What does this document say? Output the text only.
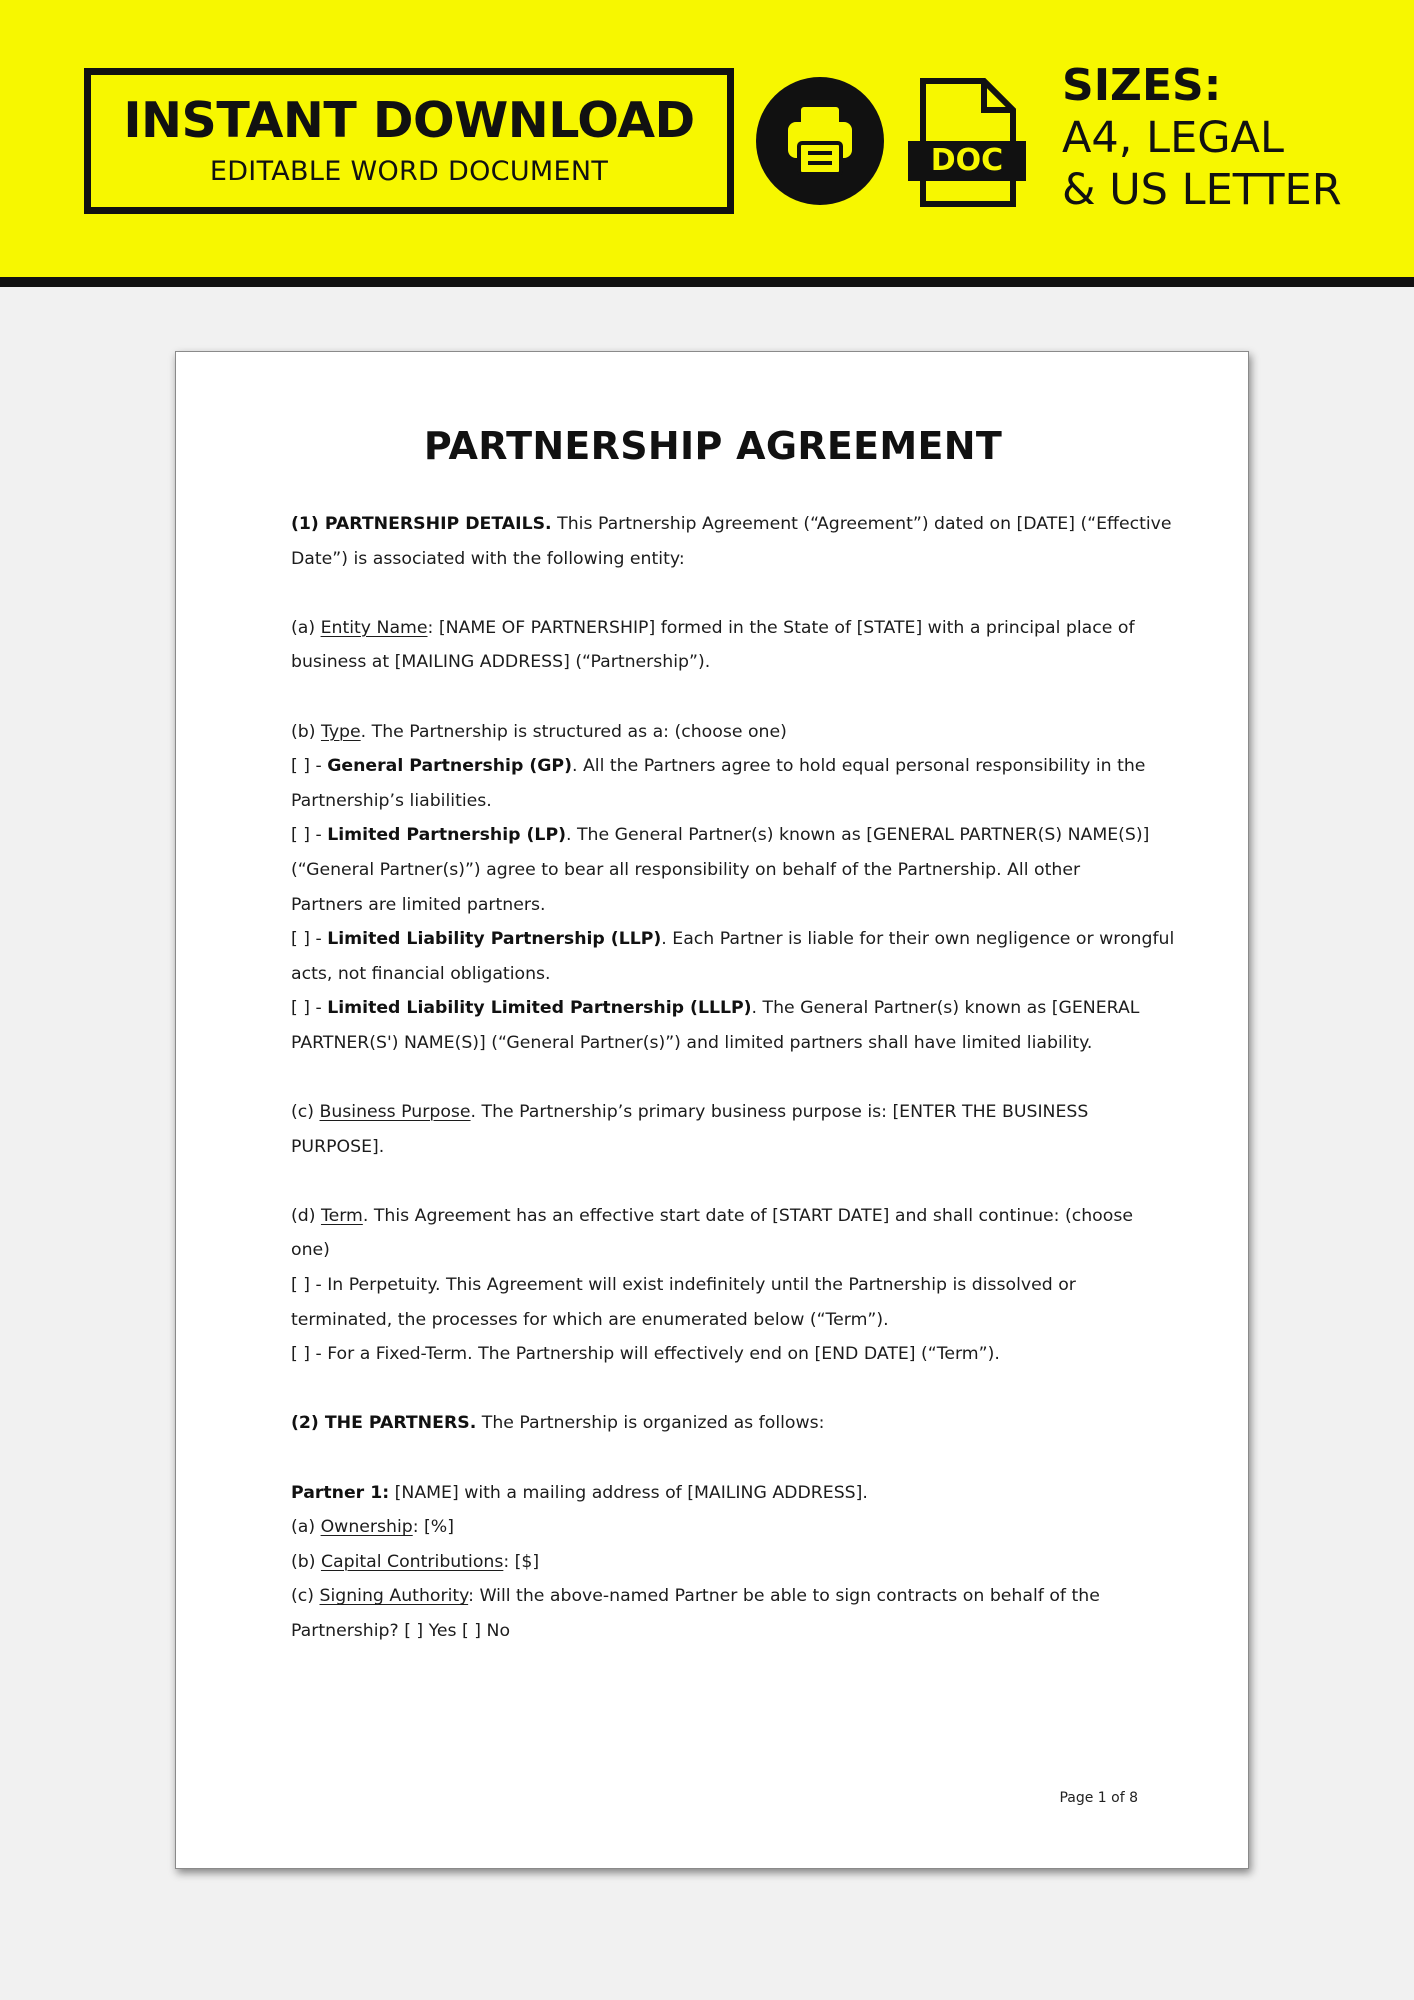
INSTANT DOWNLOAD
EDITABLE WORD DOCUMENT	DOC
SIZES:
A4, LEGAL
& US LETTER
PARTNERSHIP AGREEMENT

(1) PARTNERSHIP DETAILS. This Partnership Agreement (“Agreement”) dated on [DATE] (“Effective

Date”) is associated with the following entity:

(a) Entity Name: [NAME OF PARTNERSHIP] formed in the State of [STATE] with a principal place of

business at [MAILING ADDRESS] (“Partnership”).

(b) Type. The Partnership is structured as a: (choose one)

[ ] - General Partnership (GP). All the Partners agree to hold equal personal responsibility in the

Partnership’s liabilities.

[ ] - Limited Partnership (LP). The General Partner(s) known as [GENERAL PARTNER(S) NAME(S)]

(“General Partner(s)”) agree to bear all responsibility on behalf of the Partnership. All other

Partners are limited partners.

[ ] - Limited Liability Partnership (LLP). Each Partner is liable for their own negligence or wrongful

acts, not financial obligations.

[ ] - Limited Liability Limited Partnership (LLLP). The General Partner(s) known as [GENERAL

PARTNER(S') NAME(S)] (“General Partner(s)”) and limited partners shall have limited liability.

(c) Business Purpose. The Partnership’s primary business purpose is: [ENTER THE BUSINESS

PURPOSE].

(d) Term. This Agreement has an effective start date of [START DATE] and shall continue: (choose

one)

[ ] - In Perpetuity. This Agreement will exist indefinitely until the Partnership is dissolved or

terminated, the processes for which are enumerated below (“Term”).

[ ] - For a Fixed-Term. The Partnership will effectively end on [END DATE] (“Term”).

(2) THE PARTNERS. The Partnership is organized as follows:

Partner 1: [NAME] with a mailing address of [MAILING ADDRESS].

(a) Ownership: [%]

(b) Capital Contributions: [$]

(c) Signing Authority: Will the above-named Partner be able to sign contracts on behalf of the

Partnership? [ ] Yes [ ] No

Page 1 of 8
